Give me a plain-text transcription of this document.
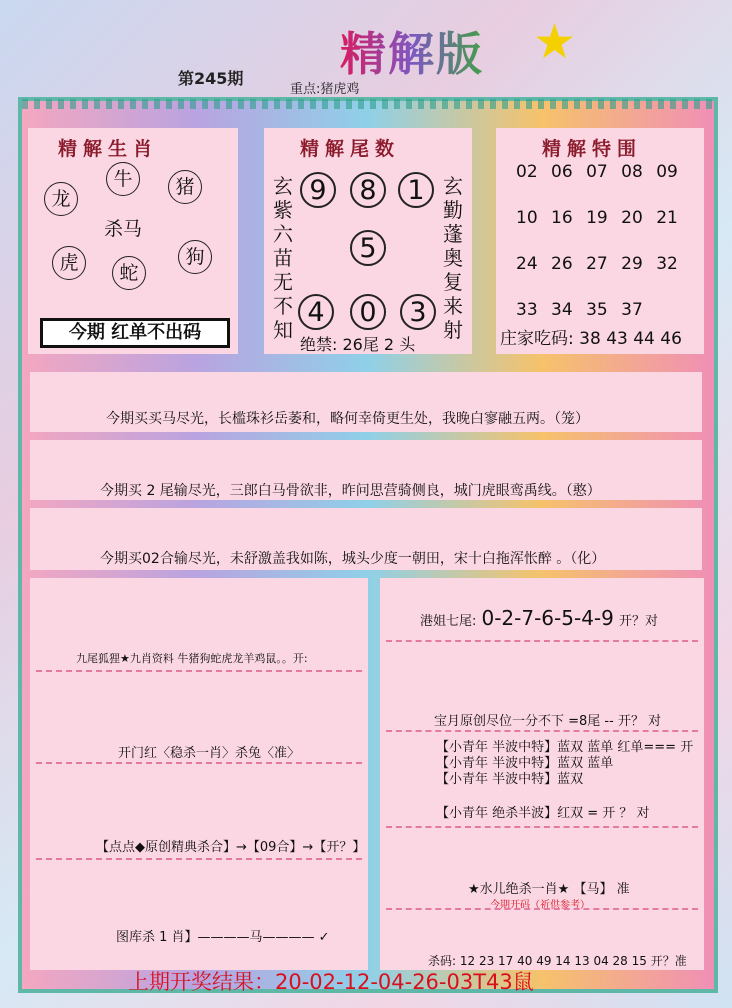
精解版 ★
第245期
重点:猪虎鸡
精解生肖
龙
牛	猪
杀马
虎	蛇
狗
今期 红单不出码
精解尾数
玄
紫
六
苗
无
不
知
玄
勤
蓬
奥
复
来
射
9	8	1
5
4	0	3
绝禁: 26尾 2 头
精解特围
02 06 07 08 09
10 16 19 20 21
24 26 27 29 32
33 34 35 37
庄家吃码: 38 43 44 46
今期买买马尽光，长槛珠衫岳萎和，略何幸倚更生处，我晚白寥融五两。（笼）
今期买 2 尾输尽光，三郎白马骨欲非，昨问思营骑侧良，城门虎眼鸾禹线。（憨）
今期买02合输尽光，未舒激盖我如陈，城头少度一朝田，宋十白拖浑怅醉 。（化）
九尾狐狸★九肖资料 牛猪狗蛇虎龙羊鸡鼠。。开:
开门红〈稳杀一肖〉杀兔〈准〉
【点点◆原创精典杀合】→【09合】→【开？】
图库杀 1 肖】————马———— ✓
港姐七尾: 0-2-7-6-5-4-9 开？对
宝月原创尽位一分不下 =8尾 -- 开？ 对
【小青年 半波中特】蓝双 蓝单 红单=== 开
【小青年 半波中特】蓝双 蓝单
【小青年 半波中特】蓝双
【小青年 绝杀半波】红双 = 开 ？ 对
★水儿绝杀一肖★ 【马】 准
今期开码（祈供参考）
杀码: 12 23 17 40 49 14 13 04 28 15 开？准
上期开奖结果：20-02-12-04-26-03T43鼠
